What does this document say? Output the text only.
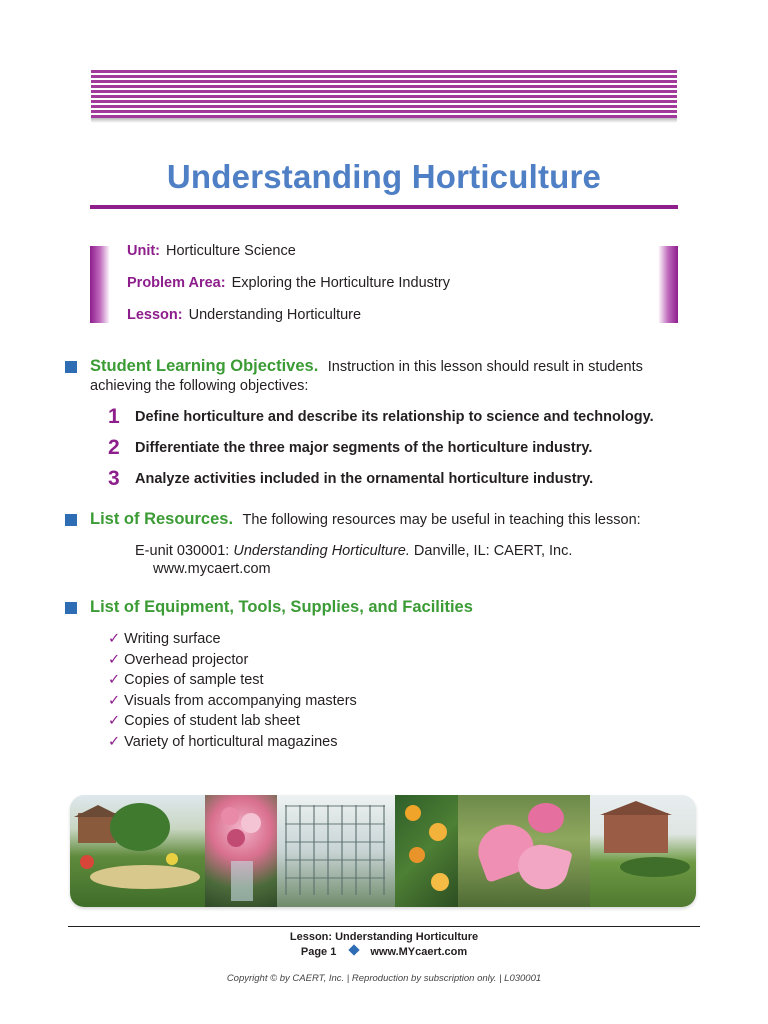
Understanding Horticulture
Unit: Horticulture Science
Problem Area: Exploring the Horticulture Industry
Lesson: Understanding Horticulture
Student Learning Objectives. Instruction in this lesson should result in students
achieving the following objectives:
1 Define horticulture and describe its relationship to science and technology.
2 Differentiate the three major segments of the horticulture industry.
3 Analyze activities included in the ornamental horticulture industry.
List of Resources. The following resources may be useful in teaching this lesson:
E-unit 030001: Understanding Horticulture. Danville, IL: CAERT, Inc.
www.mycaert.com
List of Equipment, Tools, Supplies, and Facilities
✓ Writing surface
✓ Overhead projector
✓ Copies of sample test
✓ Visuals from accompanying masters
✓ Copies of student lab sheet
✓ Variety of horticultural magazines
Lesson: Understanding Horticulture
Page 1	www.MYcaert.com
Copyright © by CAERT, Inc. | Reproduction by subscription only. | L030001
